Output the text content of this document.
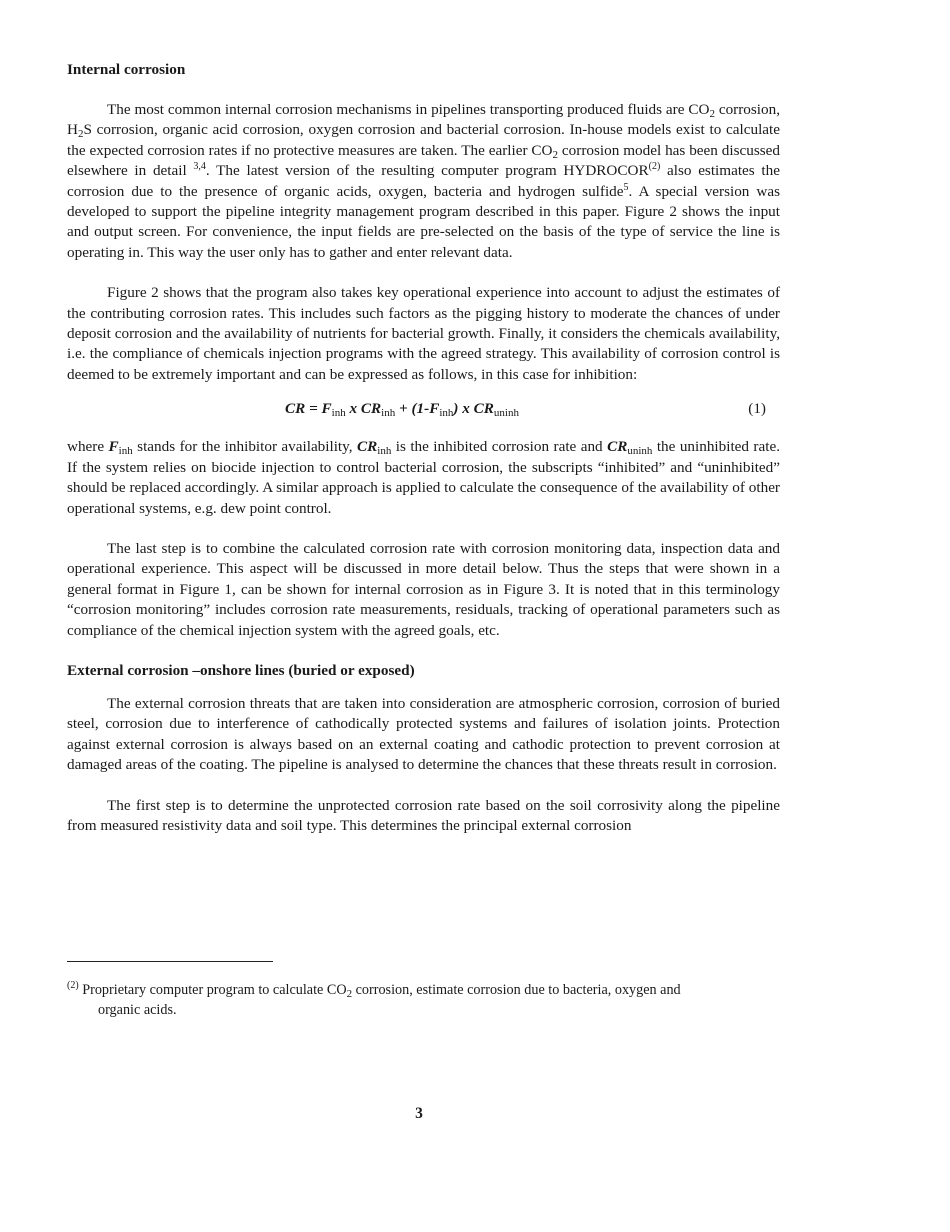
Internal corrosion

The most common internal corrosion mechanisms in pipelines transporting produced fluids are $CO_2$ corrosion, $H_2S$ corrosion, organic acid corrosion, oxygen corrosion and bacterial corrosion. In-house models exist to calculate the expected corrosion rates if no protective measures are taken. The earlier $CO_2$ corrosion model has been discussed elsewhere in detail $^{3,4}$. The latest version of the resulting computer program HYDROCOR$^{(2)}$ also estimates the corrosion due to the presence of organic acids, oxygen, bacteria and hydrogen sulfide$^5$. A special version was developed to support the pipeline integrity management program described in this paper. Figure 2 shows the input and output screen. For convenience, the input fields are pre-selected on the basis of the type of service the line is operating in. This way the user only has to gather and enter relevant data.

Figure 2 shows that the program also takes key operational experience into account to adjust the estimates of the contributing corrosion rates. This includes such factors as the pigging history to moderate the chances of under deposit corrosion and the availability of nutrients for bacterial growth. Finally, it considers the chemicals availability, i.e. the compliance of chemicals injection programs with the agreed strategy. This availability of corrosion control is deemed to be extremely important and can be expressed as follows, in this case for inhibition:

CR = $F_{inh}$ x $CR_{inh} + (1-F_{inh})$ x $CR_{uninh}$	(1)

where $F_{inh}$ stands for the inhibitor availability, $CR_{inh}$ is the inhibited corrosion rate and $CR_{uninh}$ the uninhibited rate. If the system relies on biocide injection to control bacterial corrosion, the subscripts “inhibited” and “uninhibited” should be replaced accordingly. A similar approach is applied to calculate the consequence of the availability of other operational systems, e.g. dew point control.

The last step is to combine the calculated corrosion rate with corrosion monitoring data, inspection data and operational experience. This aspect will be discussed in more detail below. Thus the steps that were shown in a general format in Figure 1, can be shown for internal corrosion as in Figure 3. It is noted that in this terminology “corrosion monitoring” includes corrosion rate measurements, residuals, tracking of operational parameters such as compliance of the chemical injection system with the agreed goals, etc.

External corrosion –onshore lines (buried or exposed)

The external corrosion threats that are taken into consideration are atmospheric corrosion, corrosion of buried steel, corrosion due to interference of cathodically protected systems and failures of isolation joints. Protection against external corrosion is always based on an external coating and cathodic protection to prevent corrosion at damaged areas of the coating. The pipeline is analysed to determine the chances that these threats result in corrosion.

The first step is to determine the unprotected corrosion rate based on the soil corrosivity along the pipeline from measured resistivity data and soil type. This determines the principal external corrosion

$^{(2)}$ Proprietary computer program to calculate $CO_2$ corrosion, estimate corrosion due to bacteria, oxygen and
organic acids.
3
